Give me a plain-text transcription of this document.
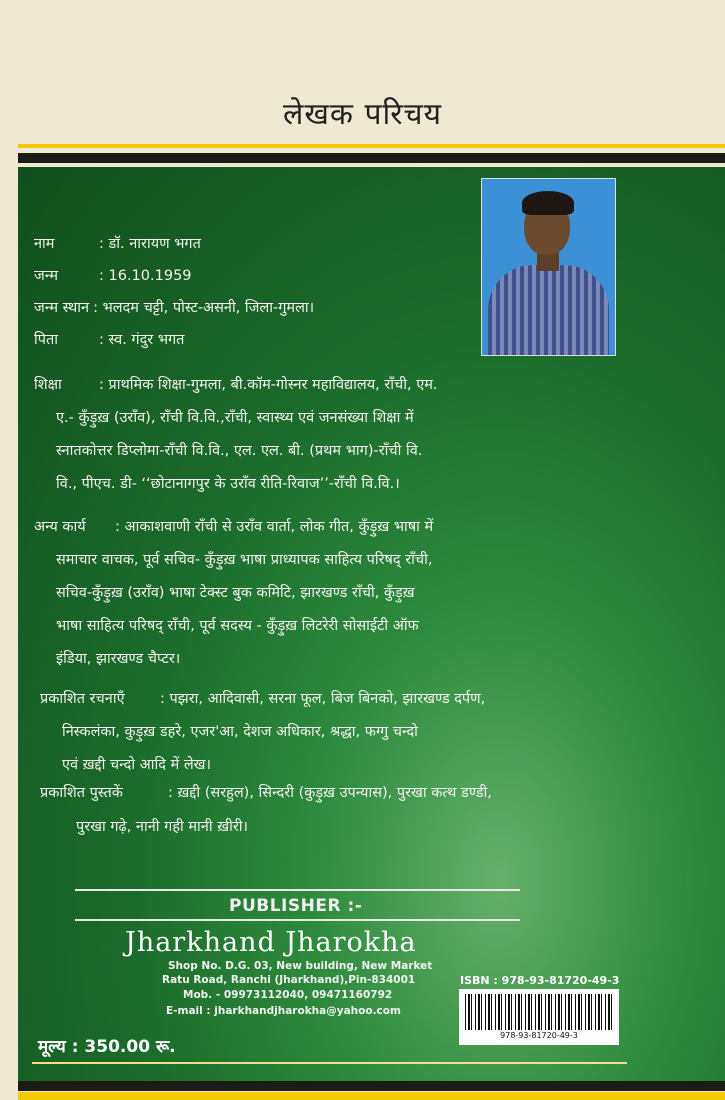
लेखक परिचय
नाम	: डॉ. नारायण भगत
जन्म	: 16.10.1959
जन्म स्थान : भलदम चट्टी, पोस्ट-असनी, जिला-गुमला।
पिता	: स्व. गंदुर भगत
शिक्षा	: प्राथमिक शिक्षा-गुमला, बी.कॉम-गोस्नर महाविद्यालय, राँची, एम.
ए.- कुँड़ुख़ (उराँव), राँची वि.वि.,राँची, स्वास्थ्य एवं जनसंख्या शिक्षा में
स्नातकोत्तर डिप्लोमा-राँची वि.वि., एल. एल. बी. (प्रथम भाग)-राँची वि.
वि., पीएच. डी- ‘‘छोटानागपुर के उराँव रीति-रिवाज’’-राँची वि.वि.।
अन्य कार्य : आकाशवाणी राँची से उराँव वार्ता, लोक गीत, कुँड़ुख़ भाषा में
समाचार वाचक, पूर्व सचिव- कुँड़ुख़ भाषा प्राध्यापक साहित्य परिषद् राँची,
सचिव-कुँड़ुख़ (उराँव) भाषा टेक्स्ट बुक कमिटि, झारखण्ड राँची, कुँड़ुख़
भाषा साहित्य परिषद् राँची, पूर्व सदस्य - कुँड़ुख़ लिटरेरी सोसाईटी ऑफ
इंडिया, झारखण्ड चैप्टर।
प्रकाशित रचनाएँ : पझरा, आदिवासी, सरना फूल, बिज बिनको, झारखण्ड दर्पण,
निस्कलंका, कुड़ुख़ डहरे, एजर'आ, देशज अधिकार, श्रद्धा, फग्गु चन्दो
एवं ख़द्दी चन्दो आदि में लेख।
प्रकाशित पुस्तकें	: ख़द्दी (सरहुल), सिन्दरी (कुड़ुख़ उपन्यास), पुरखा कत्थ डण्डी,
पुरखा गढ़े, नानी गही मानी ख़ीरी।
PUBLISHER :-
Jharkhand Jharokha
Shop No. D.G. 03, New building, New Market
Ratu Road, Ranchi (Jharkhand),Pin-834001
Mob. - 09973112040, 09471160792
E-mail : jharkhandjharokha@yahoo.com
ISBN : 978-93-81720-49-3
978-93-81720-49-3
मूल्य : 350.00 रू.
